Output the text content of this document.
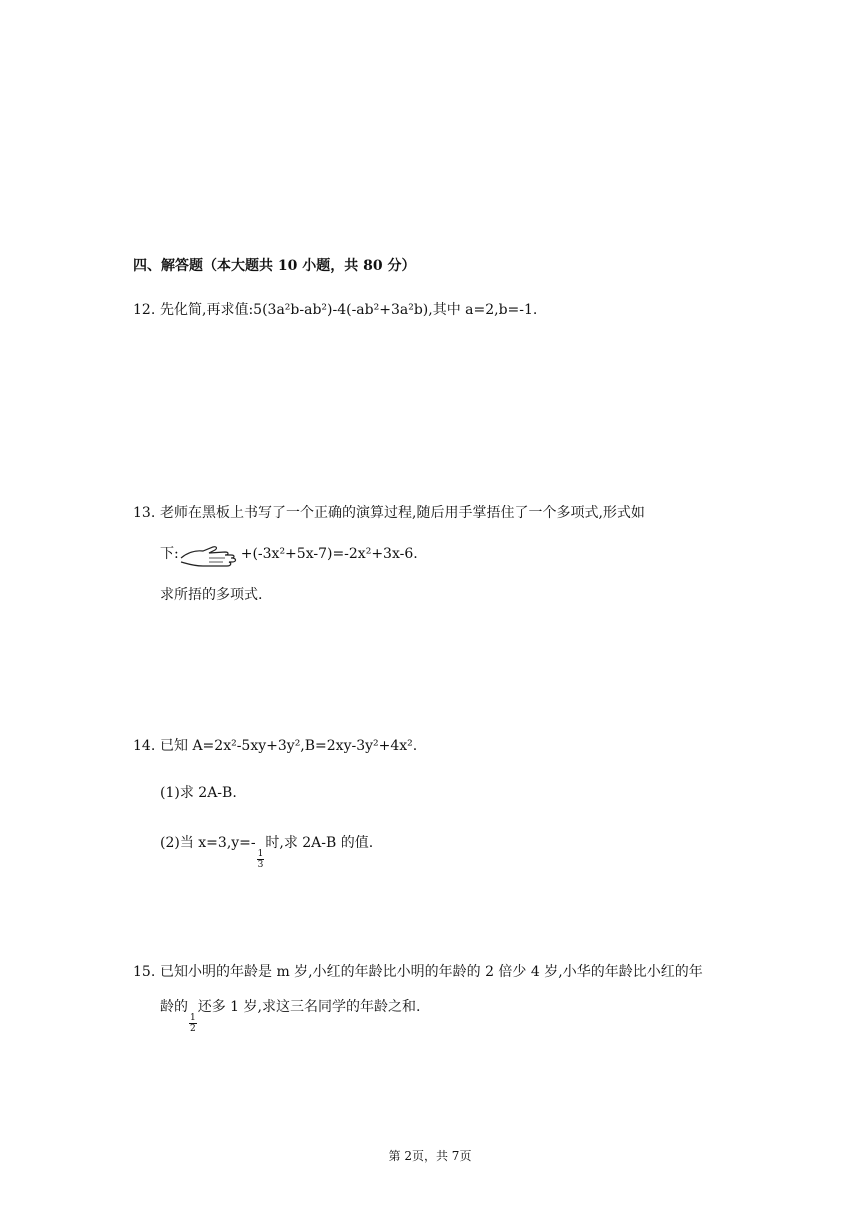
四、解答题（本大题共 10 小题，共 80 分）
12. 先化简,再求值:5(3a²b-ab²)-4(-ab²+3a²b),其中 a=2,b=-1.
13. 老师在黑板上书写了一个正确的演算过程,随后用手掌捂住了一个多项式,形式如
下:	+(-3x²+5x-7)=-2x²+3x-6.
求所捂的多项式.
14. 已知 A=2x²-5xy+3y²,B=2xy-3y²+4x².
(1)求 2A-B.
(2)当 x=3,y=-
$\frac{1}{3}$
时,求 2A-B 的值.
15. 已知小明的年龄是 m 岁,小红的年龄比小明的年龄的 2 倍少 4 岁,小华的年龄比小红的年
龄的
$\frac{1}{2}$
还多 1 岁,求这三名同学的年龄之和.
第 2页，共 7页
